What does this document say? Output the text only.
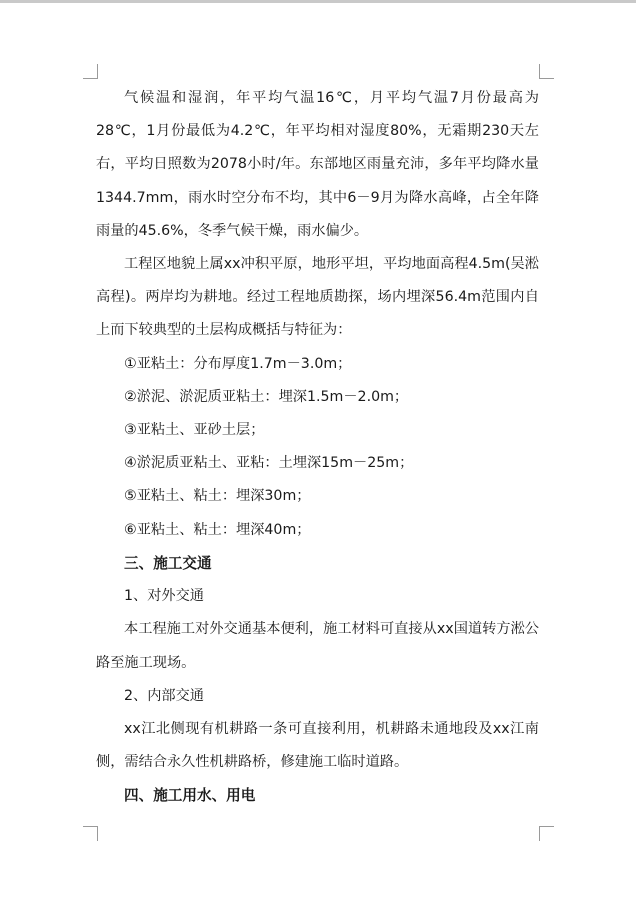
气候温和湿润，年平均气温16℃，月平均气温7月份最高为28℃，1月份最低为4.2℃，年平均相对湿度80%，无霜期230天左右，平均日照数为2078小时/年。东部地区雨量充沛，多年平均降水量1344.7mm，雨水时空分布不均，其中6－9月为降水高峰，占全年降雨量的45.6%，冬季气候干燥，雨水偏少。

工程区地貌上属xx冲积平原，地形平坦，平均地面高程4.5m(吴淞高程)。两岸均为耕地。经过工程地质勘探，场内埋深56.4m范围内自上而下较典型的土层构成概括与特征为：

①亚粘土：分布厚度1.7m－3.0m；

②淤泥、淤泥质亚粘土：埋深1.5m－2.0m；

③亚粘土、亚砂土层；

④淤泥质亚粘土、亚粘：土埋深15m－25m；

⑤亚粘土、粘土：埋深30m；

⑥亚粘土、粘土：埋深40m；

三、施工交通

1、对外交通

本工程施工对外交通基本便利，施工材料可直接从xx国道转方淞公路至施工现场。

2、内部交通

xx江北侧现有机耕路一条可直接利用，机耕路未通地段及xx江南侧，需结合永久性机耕路桥，修建施工临时道路。

四、施工用水、用电
